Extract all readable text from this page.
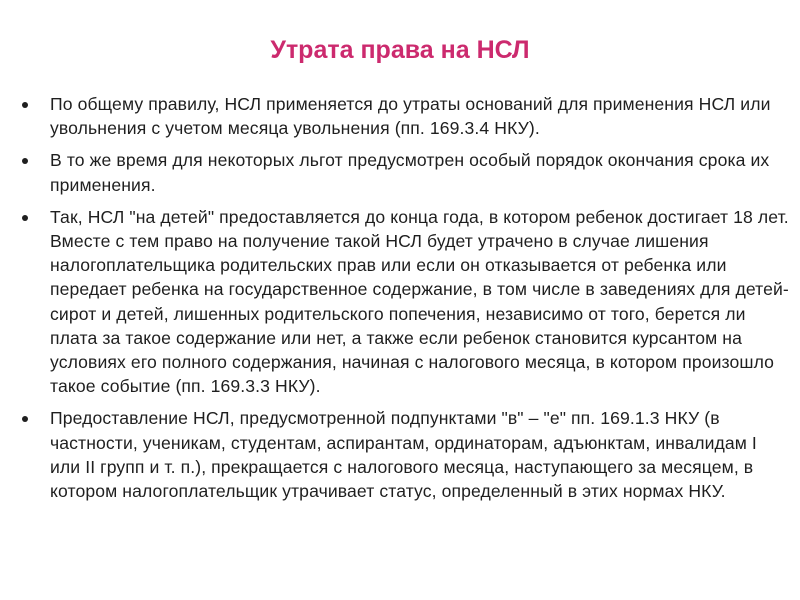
Утрата права на НСЛ
По общему правилу, НСЛ применяется до утраты оснований для применения НСЛ или увольнения с учетом месяца увольнения (пп. 169.3.4 НКУ).
В то же время для некоторых льгот предусмотрен особый порядок окончания срока их применения.
Так, НСЛ "на детей" предоставляется до конца года, в котором ребенок достигает 18 лет. Вместе с тем право на получение такой НСЛ будет утрачено в случае лишения налогоплательщика родительских прав или если он отказывается от ребенка или передает ребенка на государственное содержание, в том числе в заведениях для детей-сирот и детей, лишенных родительского попечения, независимо от того, берется ли плата за такое содержание или нет, а также если ребенок становится курсантом на условиях его полного содержания, начиная с налогового месяца, в котором произошло такое событие (пп. 169.3.3 НКУ).
Предоставление НСЛ, предусмотренной подпунктами "в" – "е" пп. 169.1.3 НКУ (в частности, ученикам, студентам, аспирантам, ординаторам, адъюнктам, инвалидам I или II групп и т. п.), прекращается с налогового месяца, наступающего за месяцем, в котором налогоплательщик утрачивает статус, определенный в этих нормах НКУ.
